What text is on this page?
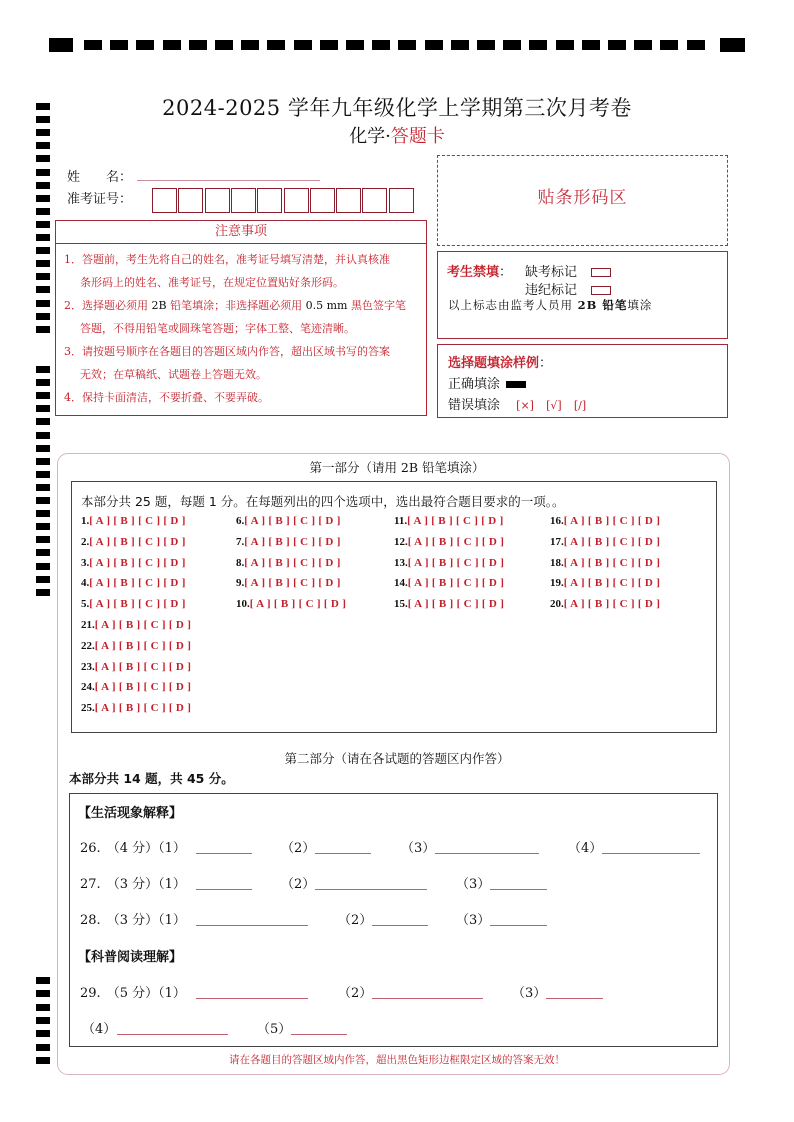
2024-2025 学年九年级化学上学期第三次月考卷
化学·答题卡
姓　　名：
准考证号：	贴条形码区
注意事项
1．答题前，考生先将自己的姓名，准考证号填写清楚，并认真核准
条形码上的姓名、准考证号，在规定位置贴好条形码。
2．选择题必须用 2B 铅笔填涂；非选择题必须用 0.5 mm 黑色签字笔
答题，不得用铅笔或圆珠笔答题；字体工整、笔迹清晰。
3．请按题号顺序在各题目的答题区域内作答，超出区域书写的答案
无效；在草稿纸、试题卷上答题无效。
4．保持卡面清洁，不要折叠、不要弄破。
考生禁填： 缺考标记
违纪标记
以上标志由监考人员用 2B 铅笔填涂
选择题填涂样例：
正确填涂
错误填涂 [×] [√] [/]
第一部分（请用 2B 铅笔填涂）
本部分共 25 题，每题 1 分。在每题列出的四个选项中，选出最符合题目要求的一项。。
1.[ A ] [ B ] [ C ] [ D ]
2.[ A ] [ B ] [ C ] [ D ]
3.[ A ] [ B ] [ C ] [ D ]
4.[ A ] [ B ] [ C ] [ D ]
5.[ A ] [ B ] [ C ] [ D ]
6.[ A ] [ B ] [ C ] [ D ]
7.[ A ] [ B ] [ C ] [ D ]
8.[ A ] [ B ] [ C ] [ D ]
9.[ A ] [ B ] [ C ] [ D ]
10.[ A ] [ B ] [ C ] [ D ]
11.[ A ] [ B ] [ C ] [ D ]
12.[ A ] [ B ] [ C ] [ D ]
13.[ A ] [ B ] [ C ] [ D ]
14.[ A ] [ B ] [ C ] [ D ]
15.[ A ] [ B ] [ C ] [ D ]
16.[ A ] [ B ] [ C ] [ D ]
17.[ A ] [ B ] [ C ] [ D ]
18.[ A ] [ B ] [ C ] [ D ]
19.[ A ] [ B ] [ C ] [ D ]
20.[ A ] [ B ] [ C ] [ D ]
21.[ A ] [ B ] [ C ] [ D ]
22.[ A ] [ B ] [ C ] [ D ]
23.[ A ] [ B ] [ C ] [ D ]
24.[ A ] [ B ] [ C ] [ D ]
25.[ A ] [ B ] [ C ] [ D ]
第二部分（请在各试题的答题区内作答）
本部分共 14 题，共 45 分。
【生活现象解释】
26. （4 分）（1）	（2）	（3）	（4）
27. （3 分）（1）	（2）	（3）
28. （3 分）（1）	（2）	（3）
【科普阅读理解】
29. （5 分）（1）	（2）	（3）
（4）	（5）
请在各题目的答题区域内作答，超出黑色矩形边框限定区域的答案无效！
